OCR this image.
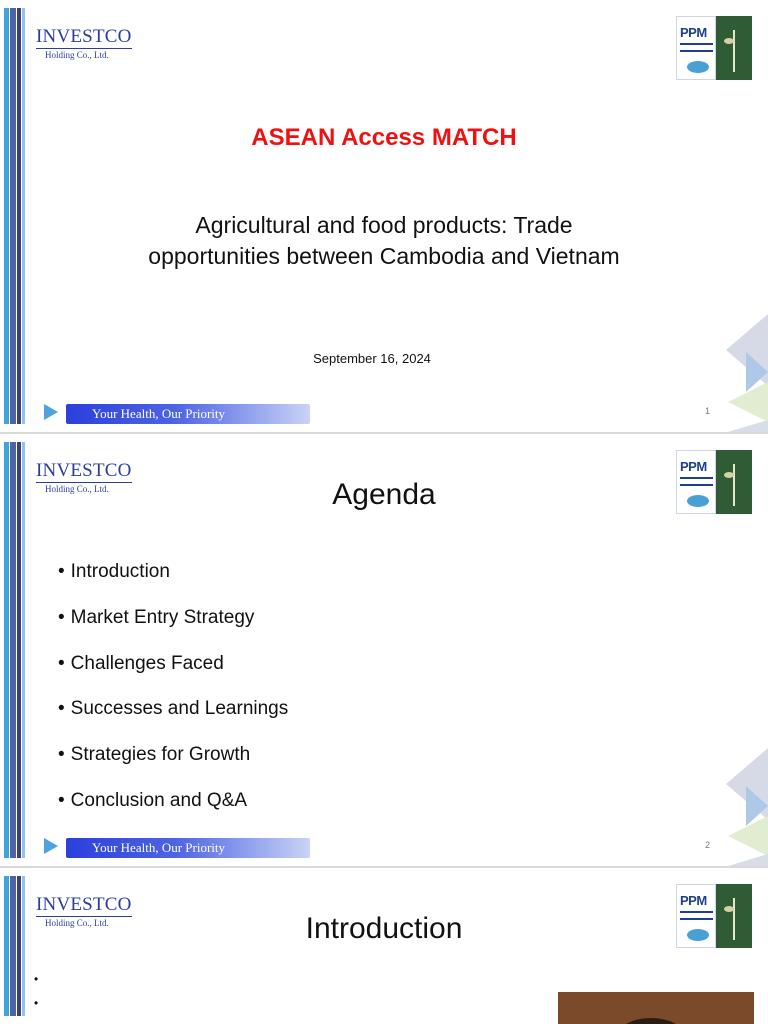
INVESTCO
Holding Co., Ltd.
PPM
ASEAN Access MATCH
Agricultural and food products: Trade
opportunities between Cambodia and Vietnam
September 16, 2024
Your Health, Our Priority	1
INVESTCO
Holding Co., Ltd.
PPM
Agenda
• Introduction
• Market Entry Strategy
• Challenges Faced
• Successes and Learnings
• Strategies for Growth
• Conclusion and Q&A
Your Health, Our Priority	2
INVESTCO
Holding Co., Ltd.
PPM
Introduction
•
•
